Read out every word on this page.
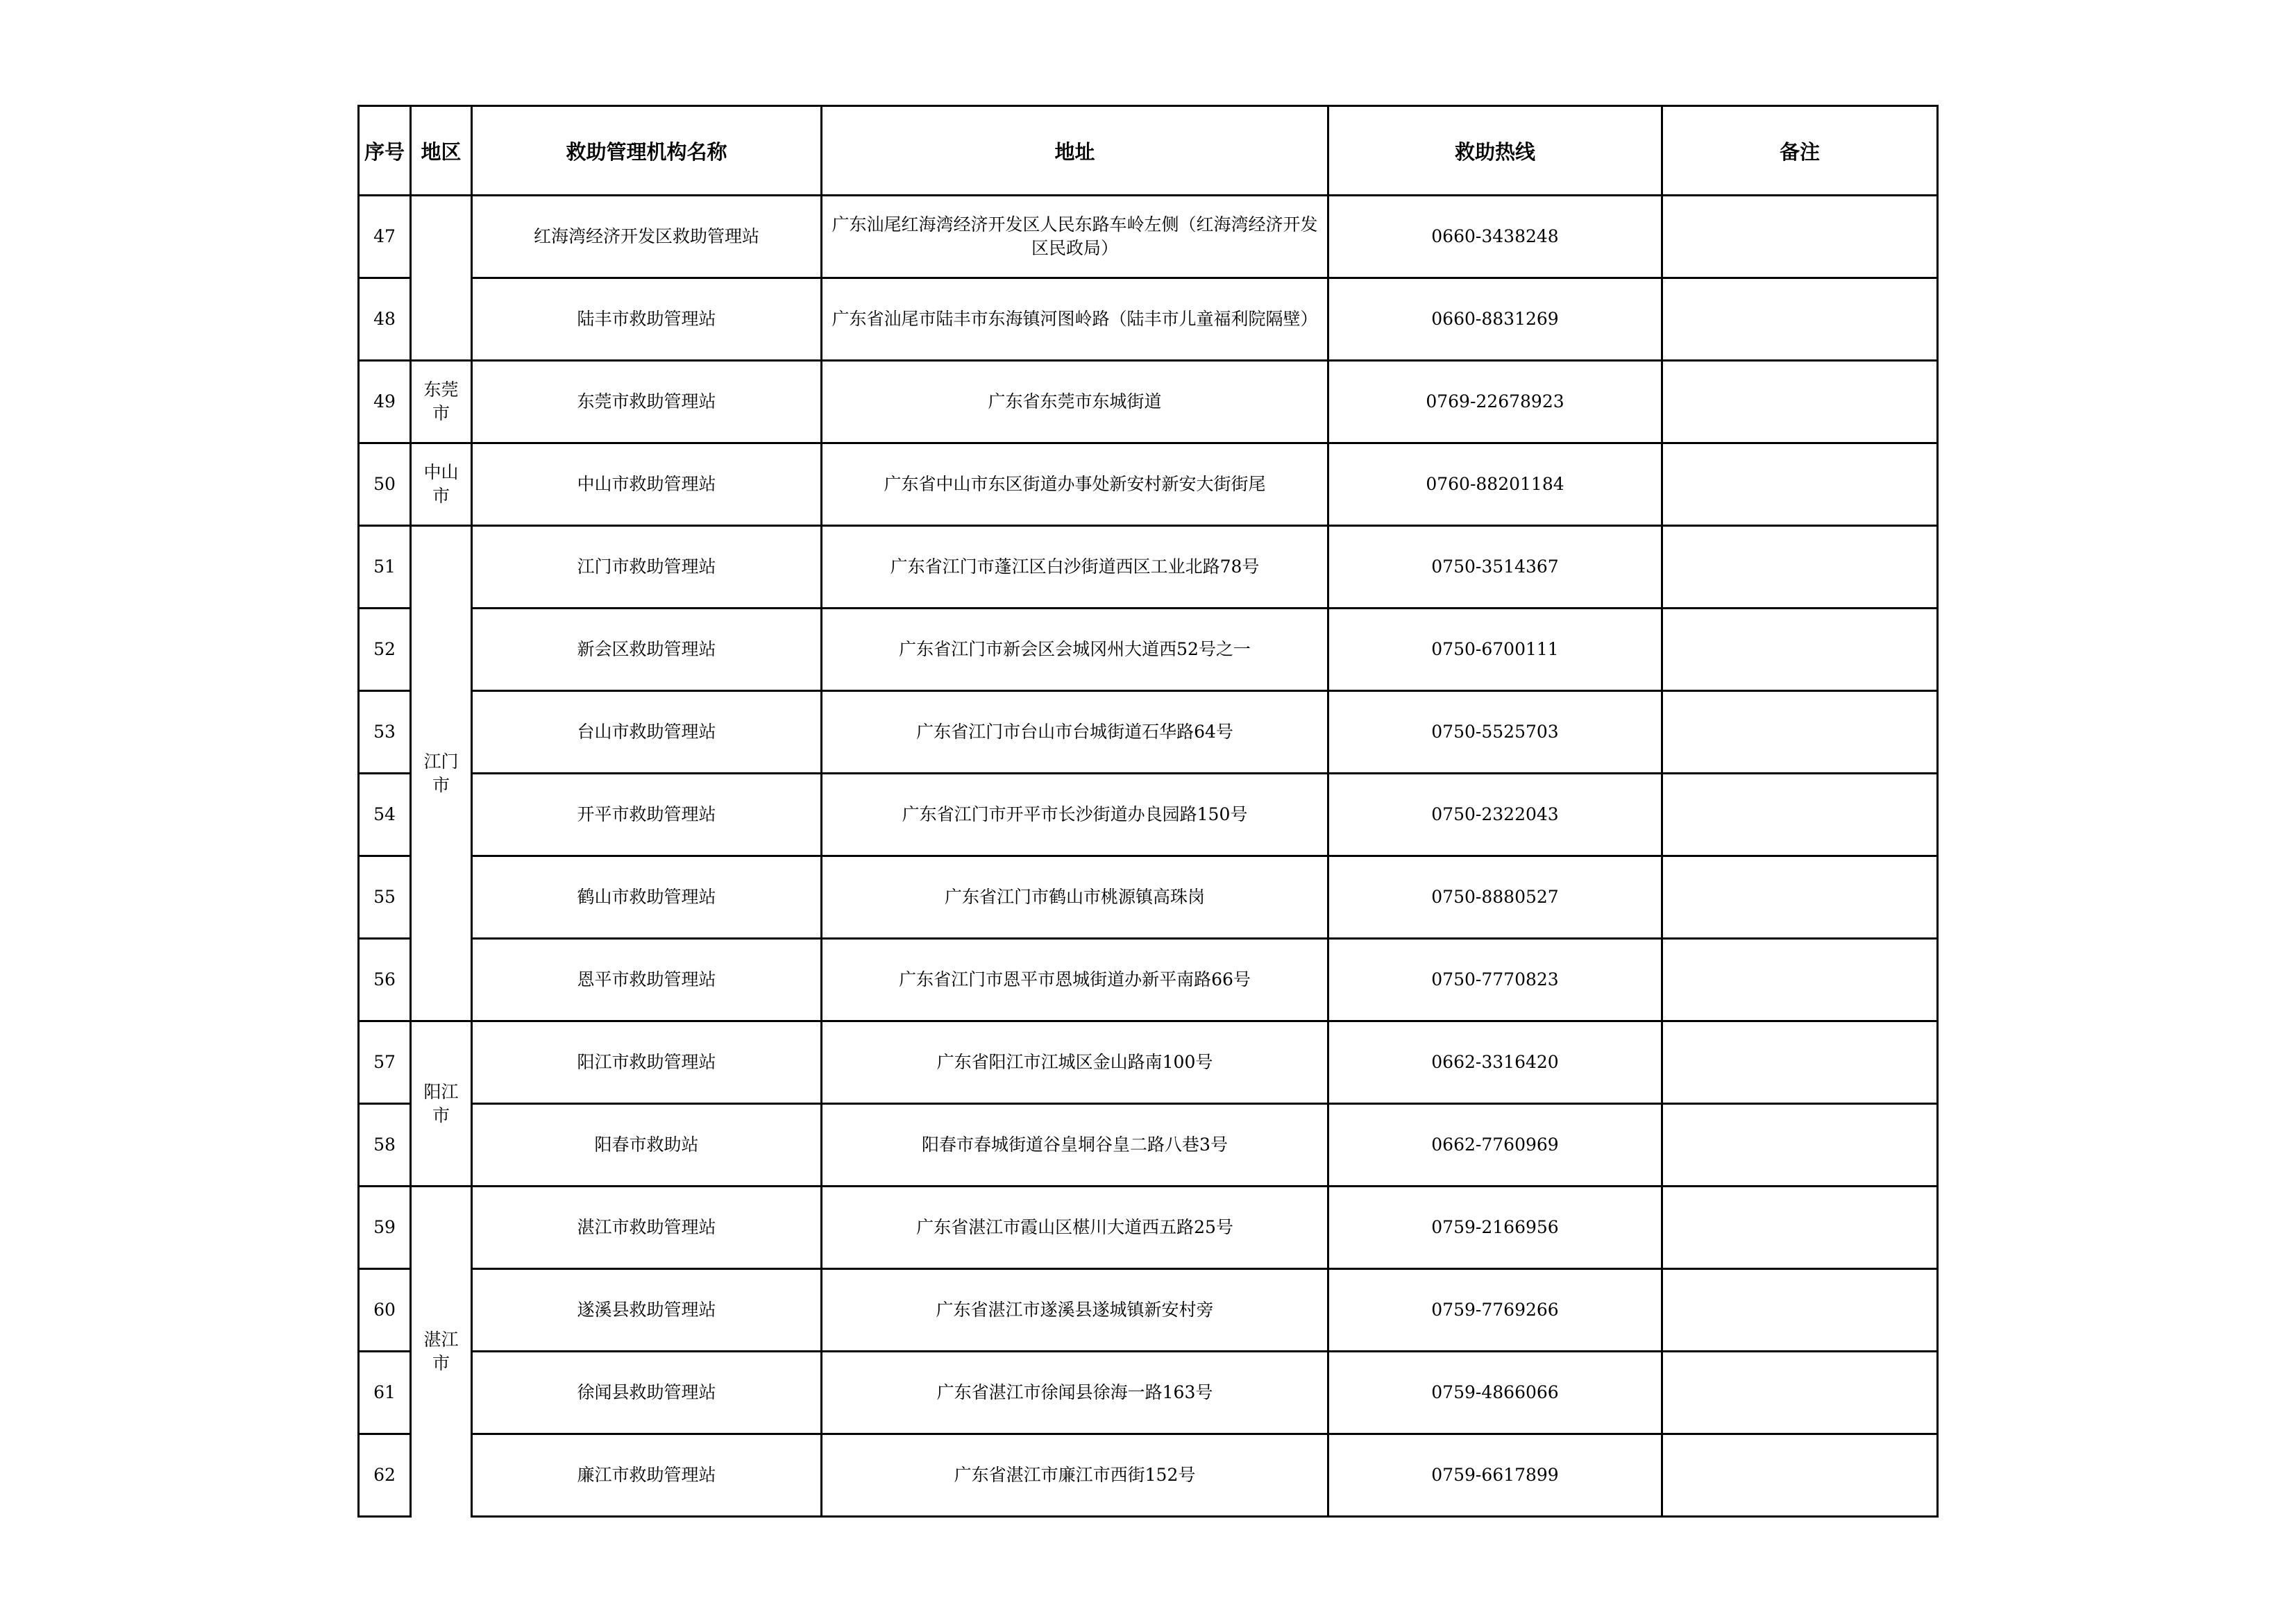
序号	地区	救助管理机构名称	地址	救助热线	备注
47		红海湾经济开发区救助管理站	广东汕尾红海湾经济开发区人民东路车岭左侧（红海湾经济开发区民政局）	0660-3438248	
48		陆丰市救助管理站	广东省汕尾市陆丰市东海镇河图岭路（陆丰市儿童福利院隔壁）	0660-8831269	
49	东莞市	东莞市救助管理站	广东省东莞市东城街道	0769-22678923	
50	中山市	中山市救助管理站	广东省中山市东区街道办事处新安村新安大街街尾	0760-88201184	
51	江门市	江门市救助管理站	广东省江门市蓬江区白沙街道西区工业北路78号	0750-3514367	
52		新会区救助管理站	广东省江门市新会区会城冈州大道西52号之一	0750-6700111	
53		台山市救助管理站	广东省江门市台山市台城街道石华路64号	0750-5525703	
54		开平市救助管理站	广东省江门市开平市长沙街道办良园路150号	0750-2322043	
55		鹤山市救助管理站	广东省江门市鹤山市桃源镇高珠岗	0750-8880527	
56		恩平市救助管理站	广东省江门市恩平市恩城街道办新平南路66号	0750-7770823	
57	阳江市	阳江市救助管理站	广东省阳江市江城区金山路南100号	0662-3316420	
58		阳春市救助站	阳春市春城街道谷皇垌谷皇二路八巷3号	0662-7760969	
59	湛江市	湛江市救助管理站	广东省湛江市霞山区椹川大道西五路25号	0759-2166956	
60		遂溪县救助管理站	广东省湛江市遂溪县遂城镇新安村旁	0759-7769266	
61		徐闻县救助管理站	广东省湛江市徐闻县徐海一路163号	0759-4866066	
62		廉江市救助管理站	广东省湛江市廉江市西街152号	0759-6617899	
